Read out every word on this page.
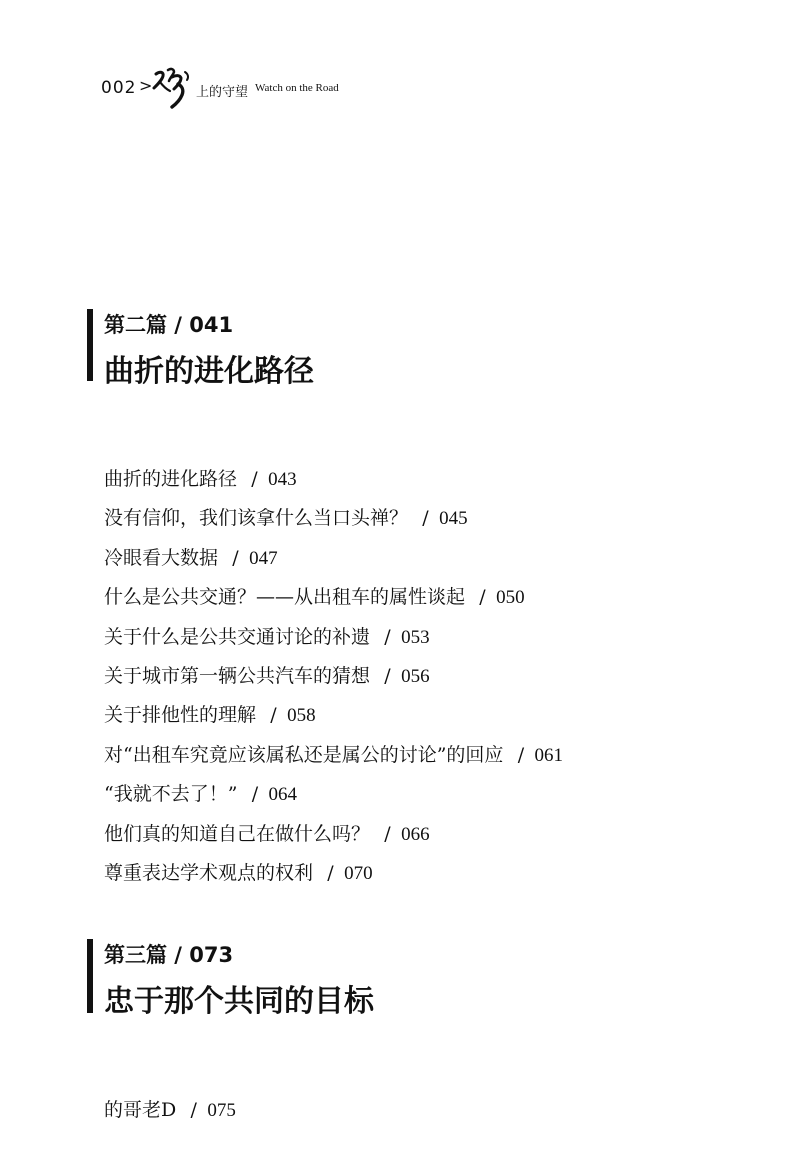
002 >	上的守望 Watch on the Road
第二篇 / 041
曲折的进化路径
曲折的进化路径 / 043
没有信仰，我们该拿什么当口头禅？ / 045
冷眼看大数据 / 047
什么是公共交通？——从出租车的属性谈起 / 050
关于什么是公共交通讨论的补遗 / 053
关于城市第一辆公共汽车的猜想 / 056
关于排他性的理解 / 058
对“出租车究竟应该属私还是属公的讨论”的回应 / 061
“我就不去了！” / 064
他们真的知道自己在做什么吗？ / 066
尊重表达学术观点的权利 / 070
第三篇 / 073
忠于那个共同的目标
的哥老D / 075
